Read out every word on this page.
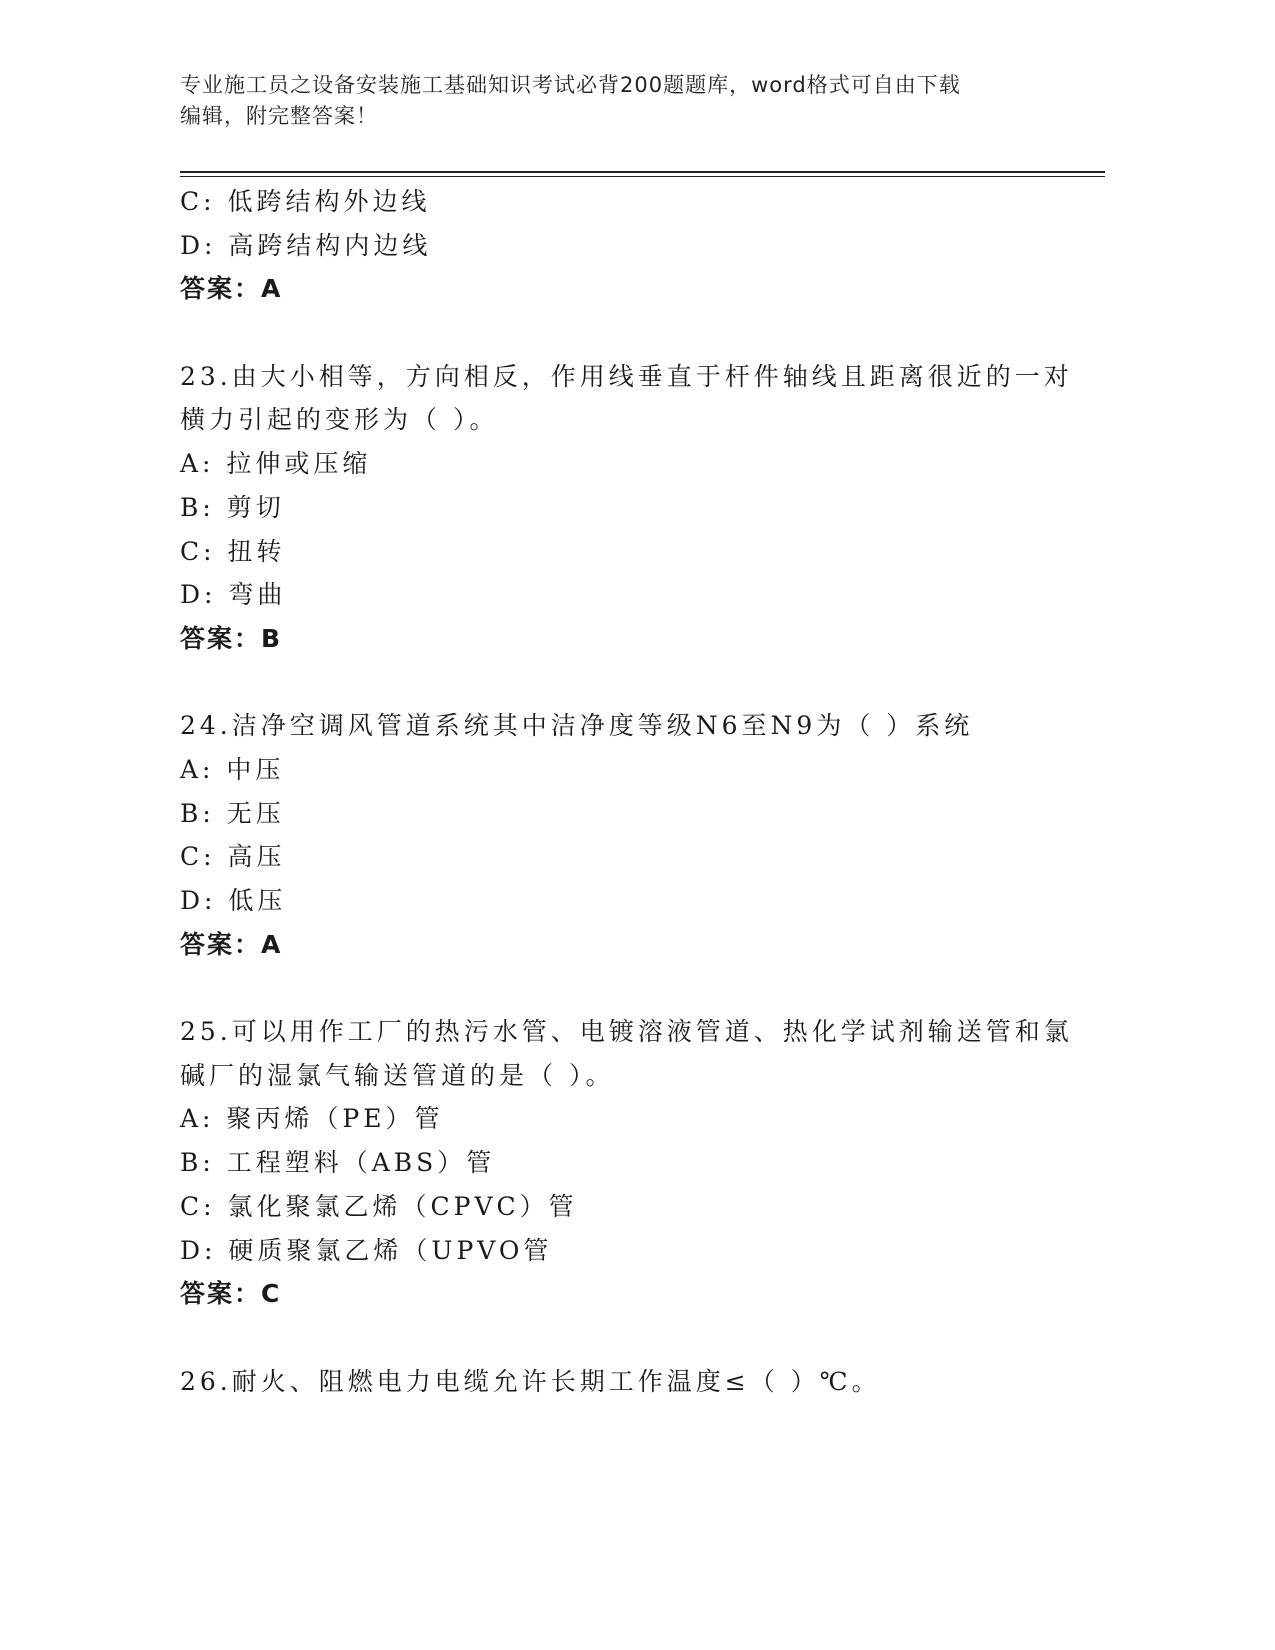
专业施工员之设备安装施工基础知识考试必背200题题库，word格式可自由下载
编辑，附完整答案！
C: 低跨结构外边线
D: 高跨结构内边线
答案：A
23.由大小相等，方向相反，作用线垂直于杆件轴线且距离很近的一对
横力引起的变形为（ ）。
A: 拉伸或压缩
B: 剪切
C: 扭转
D: 弯曲
答案：B
24.洁净空调风管道系统其中洁净度等级N6至N9为（ ）系统
A: 中压
B: 无压
C: 高压
D: 低压
答案：A
25.可以用作工厂的热污水管、电镀溶液管道、热化学试剂输送管和氯
碱厂的湿氯气输送管道的是（ ）。
A: 聚丙烯（PE）管
B: 工程塑料（ABS）管
C: 氯化聚氯乙烯（CPVC）管
D: 硬质聚氯乙烯（UPVO管
答案：C
26.耐火、阻燃电力电缆允许长期工作温度≤（ ）℃。
